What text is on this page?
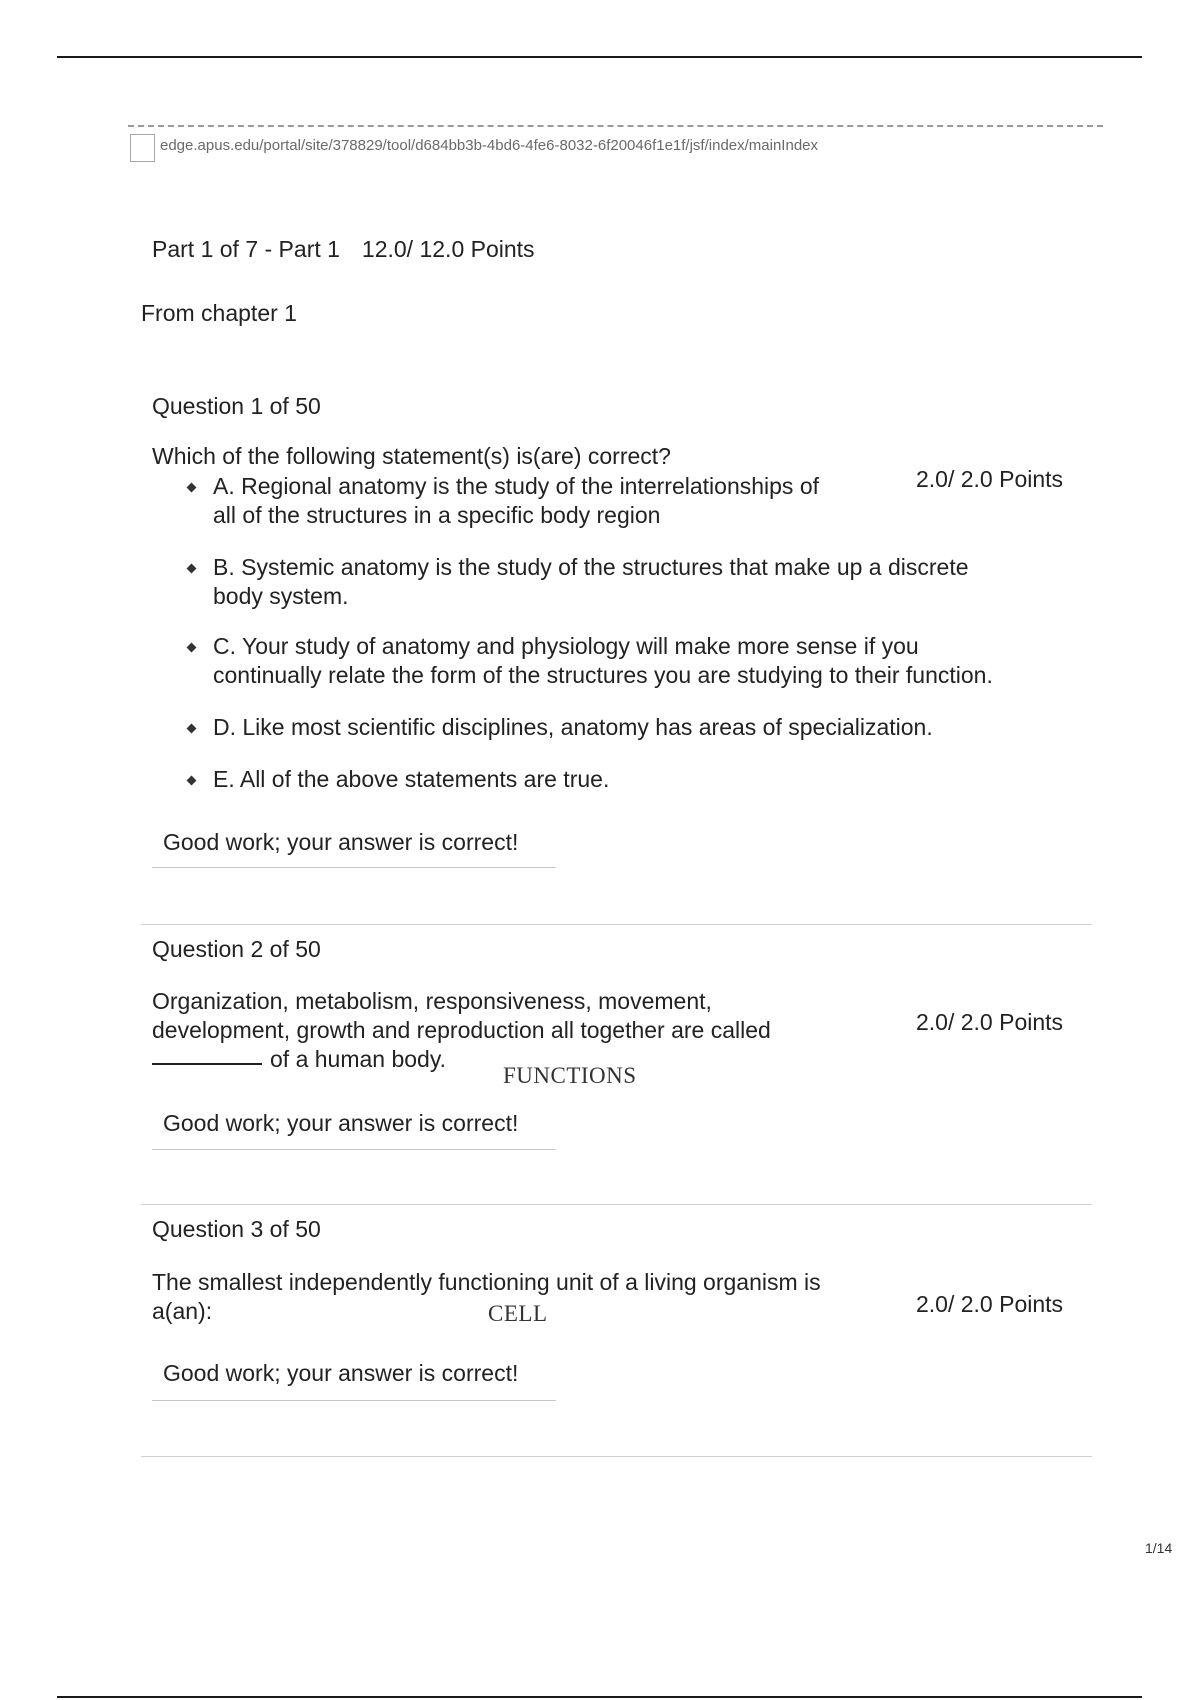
edge.apus.edu/portal/site/378829/tool/d684bb3b-4bd6-4fe6-8032-6f20046f1e1f/jsf/index/mainIndex
Part 1 of 7 - Part 1 12.0/ 12.0 Points
From chapter 1
Question 1 of 50
Which of the following statement(s) is(are) correct?
2.0/ 2.0 Points
A. Regional anatomy is the study of the interrelationships of
all of the structures in a specific body region
B. Systemic anatomy is the study of the structures that make up a discrete
body system.
C. Your study of anatomy and physiology will make more sense if you
continually relate the form of the structures you are studying to their function.
D. Like most scientific disciplines, anatomy has areas of specialization.
E. All of the above statements are true.
Good work; your answer is correct!
Question 2 of 50
Organization, metabolism, responsiveness, movement,
development, growth and reproduction all together are called
of a human body.
FUNCTIONS
2.0/ 2.0 Points
Good work; your answer is correct!
Question 3 of 50
The smallest independently functioning unit of a living organism is
a(an):	CELL	2.0/ 2.0 Points
Good work; your answer is correct!
1/14
